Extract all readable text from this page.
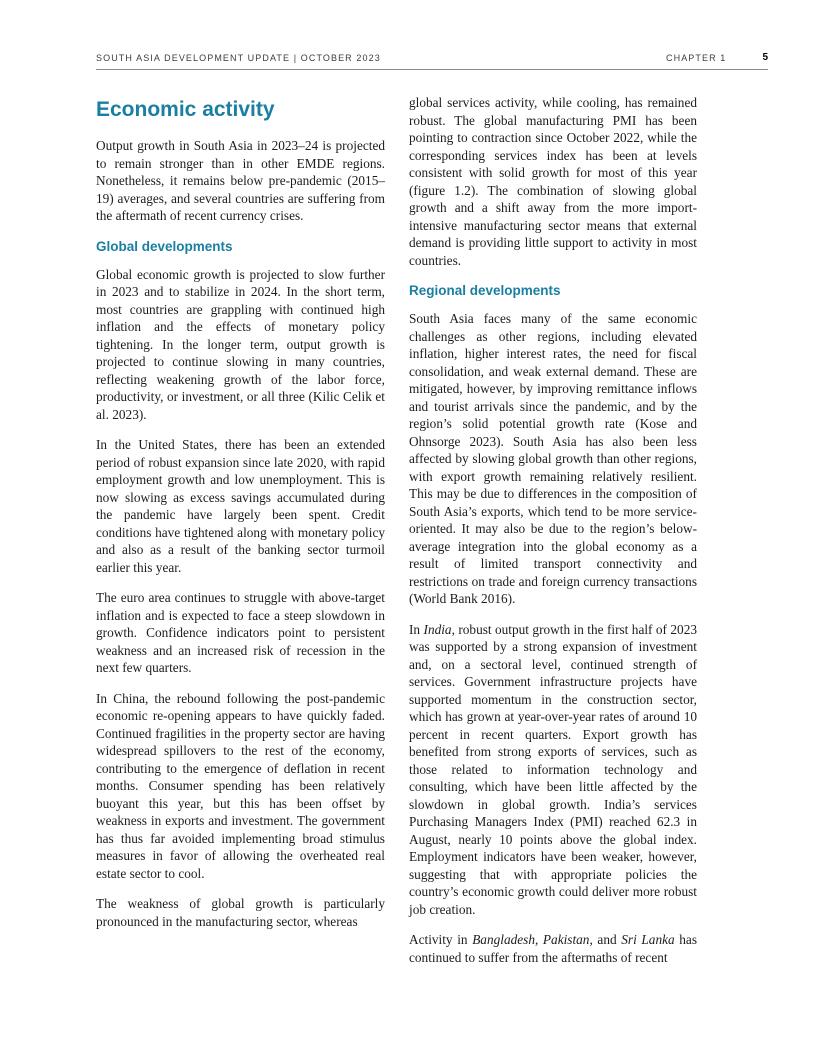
SOUTH ASIA DEVELOPMENT UPDATE | OCTOBER 2023	CHAPTER 1	5
Economic activity

Output growth in South Asia in 2023–24 is projected to remain stronger than in other EMDE regions. Nonetheless, it remains below pre-pandemic (2015–19) averages, and several countries are suffering from the aftermath of recent currency crises.

Global developments

Global economic growth is projected to slow further in 2023 and to stabilize in 2024. In the short term, most countries are grappling with continued high inflation and the effects of monetary policy tightening. In the longer term, output growth is projected to continue slowing in many countries, reflecting weakening growth of the labor force, productivity, or investment, or all three (Kilic Celik et al. 2023).

In the United States, there has been an extended period of robust expansion since late 2020, with rapid employment growth and low unemployment. This is now slowing as excess savings accumulated during the pandemic have largely been spent. Credit conditions have tightened along with monetary policy and also as a result of the banking sector turmoil earlier this year.

The euro area continues to struggle with above-target inflation and is expected to face a steep slowdown in growth. Confidence indicators point to persistent weakness and an increased risk of recession in the next few quarters.

In China, the rebound following the post-pandemic economic re-opening appears to have quickly faded. Continued fragilities in the property sector are having widespread spillovers to the rest of the economy, contributing to the emergence of deflation in recent months. Consumer spending has been relatively buoyant this year, but this has been offset by weakness in exports and investment. The government has thus far avoided implementing broad stimulus measures in favor of allowing the overheated real estate sector to cool.

The weakness of global growth is particularly pronounced in the manufacturing sector, whereas

global services activity, while cooling, has remained robust. The global manufacturing PMI has been pointing to contraction since October 2022, while the corresponding services index has been at levels consistent with solid growth for most of this year (figure 1.2). The combination of slowing global growth and a shift away from the more import-intensive manufacturing sector means that external demand is providing little support to activity in most countries.

Regional developments

South Asia faces many of the same economic challenges as other regions, including elevated inflation, higher interest rates, the need for fiscal consolidation, and weak external demand. These are mitigated, however, by improving remittance inflows and tourist arrivals since the pandemic, and by the region’s solid potential growth rate (Kose and Ohnsorge 2023). South Asia has also been less affected by slowing global growth than other regions, with export growth remaining relatively resilient. This may be due to differences in the composition of South Asia’s exports, which tend to be more service-oriented. It may also be due to the region’s below-average integration into the global economy as a result of limited transport connectivity and restrictions on trade and foreign currency transactions (World Bank 2016).

In India, robust output growth in the first half of 2023 was supported by a strong expansion of investment and, on a sectoral level, continued strength of services. Government infrastructure projects have supported momentum in the construction sector, which has grown at year-over-year rates of around 10 percent in recent quarters. Export growth has benefited from strong exports of services, such as those related to information technology and consulting, which have been little affected by the slowdown in global growth. India’s services Purchasing Managers Index (PMI) reached 62.3 in August, nearly 10 points above the global index. Employment indicators have been weaker, however, suggesting that with appropriate policies the country’s economic growth could deliver more robust job creation.

Activity in Bangladesh, Pakistan, and Sri Lanka has continued to suffer from the aftermaths of recent
